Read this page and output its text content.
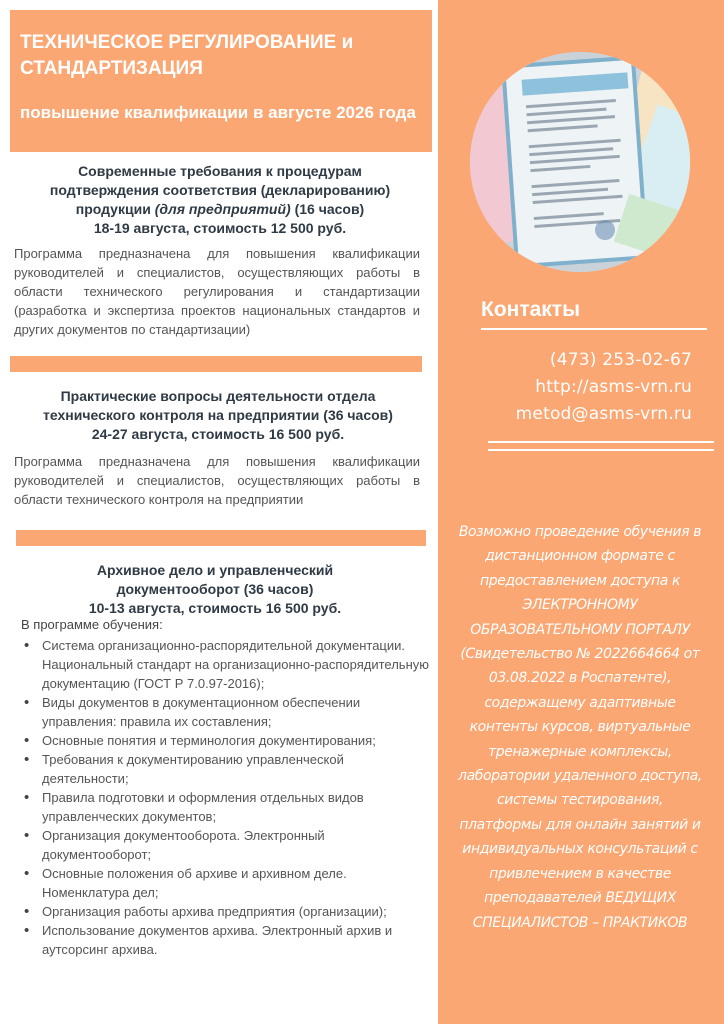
ТЕХНИЧЕСКОЕ РЕГУЛИРОВАНИЕ и СТАНДАРТИЗАЦИЯ
повышение квалификации в августе 2026 года
Современные требования к процедурам подтверждения соответствия (декларированию) продукции (для предприятий) (16 часов)
18-19 августа, стоимость 12 500 руб.
Программа предназначена для повышения квалификации руководителей и специалистов, осуществляющих работы в области технического регулирования и стандартизации (разработка и экспертиза проектов национальных стандартов и других документов по стандартизации)
Практические вопросы деятельности отдела технического контроля на предприятии (36 часов)
24-27 августа, стоимость 16 500 руб.
Программа предназначена для повышения квалификации руководителей и специалистов, осуществляющих работы в области технического контроля на предприятии
Архивное дело и управленческий документооборот (36 часов)
10-13 августа, стоимость 16 500 руб.
В программе обучения:
• Система организационно-распорядительной документации. Национальный стандарт на организационно-распорядительную документацию (ГОСТ Р 7.0.97-2016);
• Виды документов в документационном обеспечении управления: правила их составления;
• Основные понятия и терминология документирования;
• Требования к документированию управленческой деятельности;
• Правила подготовки и оформления отдельных видов управленческих документов;
• Организация документооборота. Электронный документооборот;
• Основные положения об архиве и архивном деле. Номенклатура дел;
• Организация работы архива предприятия (организации);
• Использование документов архива. Электронный архив и аутсорсинг архива.
Контакты
(473) 253-02-67
http://asms-vrn.ru
metod@asms-vrn.ru
Возможно проведение обучения в дистанционном формате с предоставлением доступа к ЭЛЕКТРОННОМУ ОБРАЗОВАТЕЛЬНОМУ ПОРТАЛУ (Свидетельство № 2022664664 от 03.08.2022 в Роспатенте), содержащему адаптивные контенты курсов, виртуальные тренажерные комплексы, лаборатории удаленного доступа, системы тестирования, платформы для онлайн занятий и индивидуальных консультаций с привлечением в качестве преподавателей ВЕДУЩИХ СПЕЦИАЛИСТОВ – ПРАКТИКОВ
